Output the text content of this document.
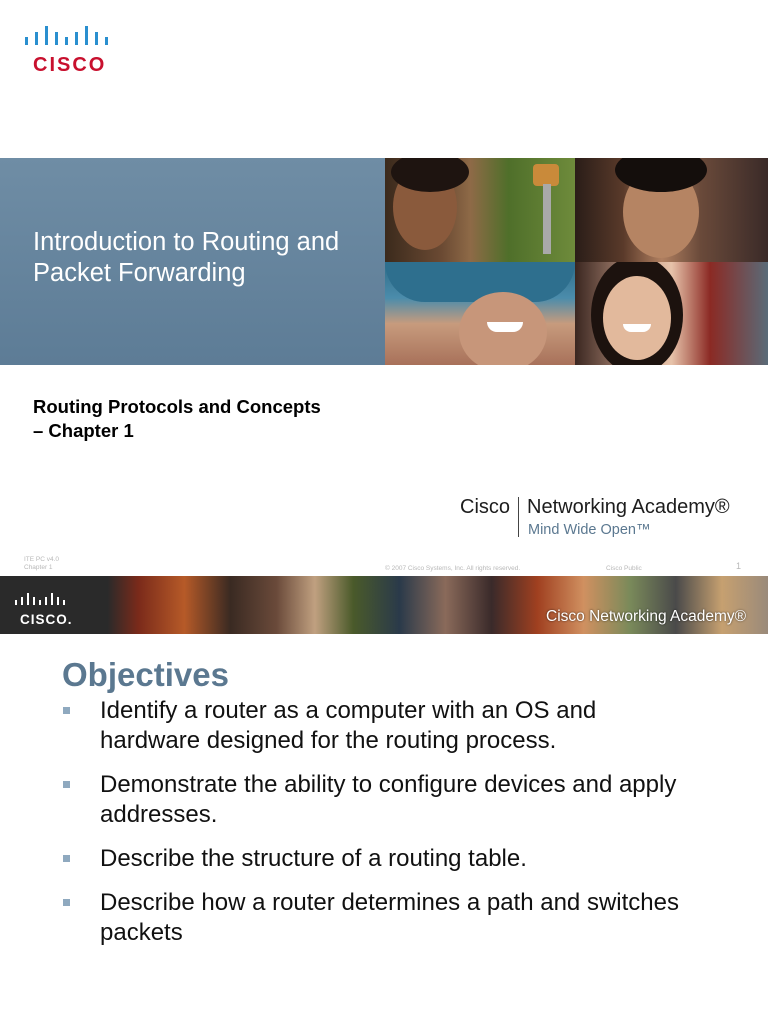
CISCO
Introduction to Routing and Packet Forwarding
Routing Protocols and Concepts – Chapter 1
Cisco Networking Academy®
Mind Wide Open™
ITE PC v4.0
Chapter 1	© 2007 Cisco Systems, Inc. All rights reserved.	Cisco Public	1
CISCO.	Cisco Networking Academy®
Objectives
Identify a router as a computer with an OS and hardware designed for the routing process.
Demonstrate the ability to configure devices and apply addresses.
Describe the structure of a routing table.
Describe how a router determines a path and switches packets
